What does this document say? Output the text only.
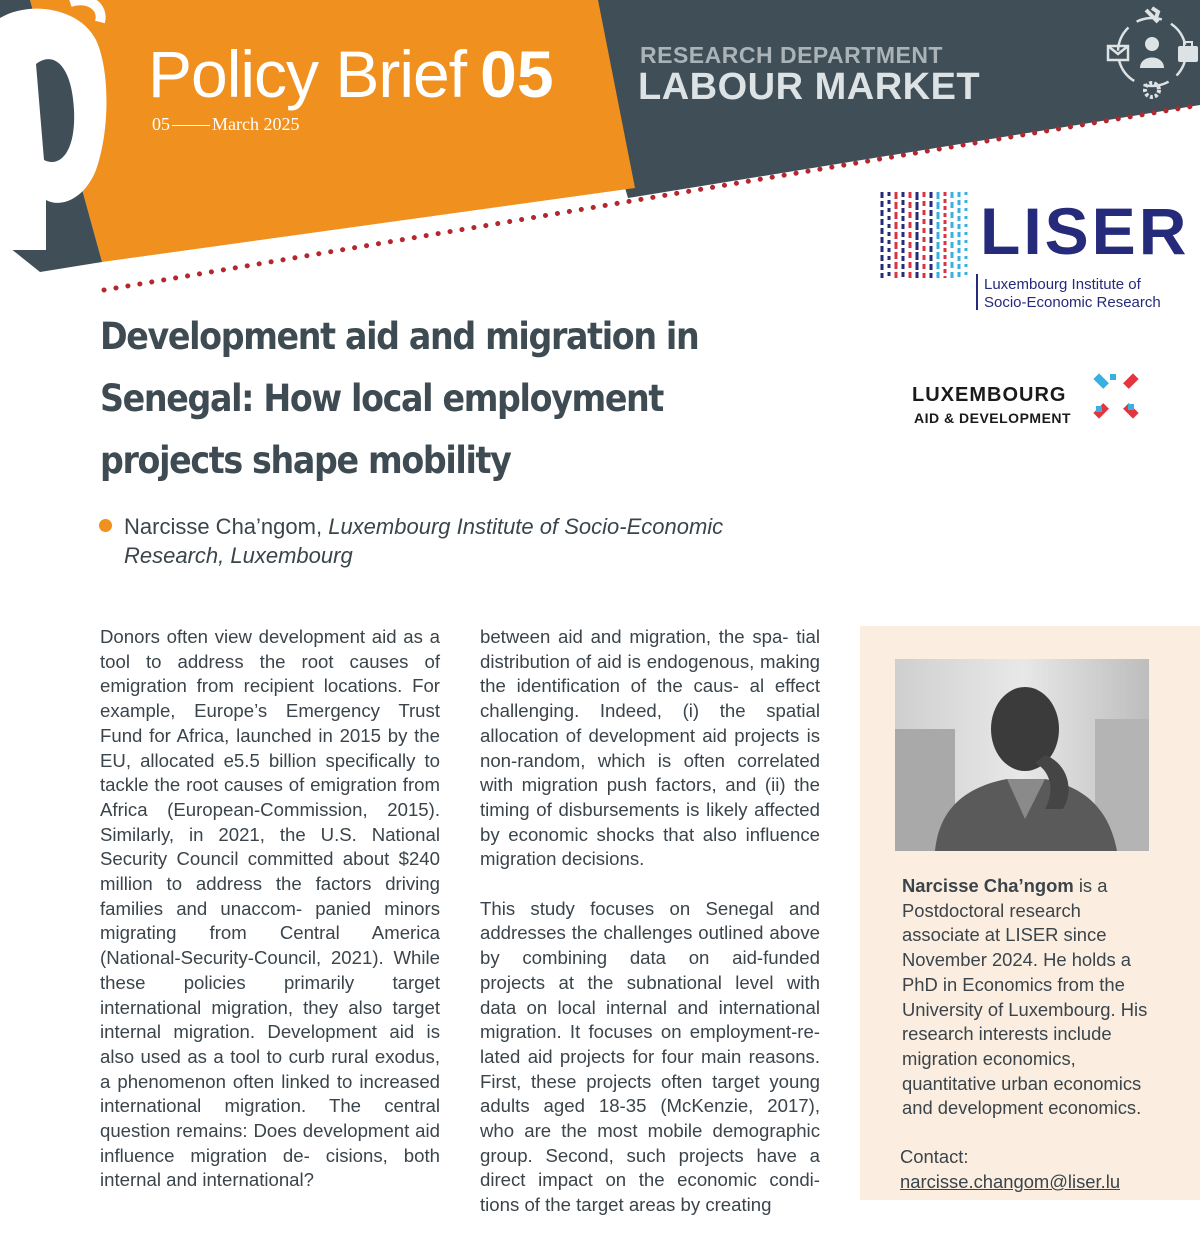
Policy Brief 05
05 March 2025
RESEARCH DEPARTMENT
LABOUR MARKET
LISER
Luxembourg Institute of
Socio-Economic Research
LUXEMBOURG
AID & DEVELOPMENT
Development aid and migration in Senegal: How local employment projects shape mobility
Narcisse Cha’ngom, Luxembourg Institute of Socio-Economic Research, Luxembourg

Donors often view development aid as a tool to address the root causes of emigration from recipient locations. For example, Europe’s Emergency Trust Fund for Africa, launched in 2015 by the EU, allocated e5.5 billion specifically to tackle the root causes of emigration from Africa (European-Commission, 2015). Similarly, in 2021, the U.S. National Security Council committed about $240 million to address the factors driving families and unaccom- panied minors migrating from Central America (National-Security-Council, 2021). While these policies primarily target international migration, they also target internal migration. Development aid is also used as a tool to curb rural exodus, a phenomenon often linked to increased international migration. The central question remains: Does development aid influence migration de- cisions, both internal and international?

between aid and migration, the spa- tial distribution of aid is endogenous, making the identification of the caus- al effect challenging. Indeed, (i) the spatial allocation of development aid projects is non-random, which is often correlated with migration push factors, and (ii) the timing of disbursements is likely affected by economic shocks that also influence migration decisions.

This study focuses on Senegal and addresses the challenges outlined above by combining data on aid-funded projects at the subnational level with data on local internal and international migration. It focuses on employment-re- lated aid projects for four main reasons. First, these projects often target young adults aged 18-35 (McKenzie, 2017), who are the most mobile demographic group. Second, such projects have a direct impact on the economic condi- tions of the target areas by creating

Narcisse Cha’ngom is a Postdoctoral research associate at LISER since November 2024. He holds a PhD in Economics from the University of Luxembourg. His research interests include migration economics, quantitative urban economics and development economics.
Contact:
narcisse.changom@liser.lu
